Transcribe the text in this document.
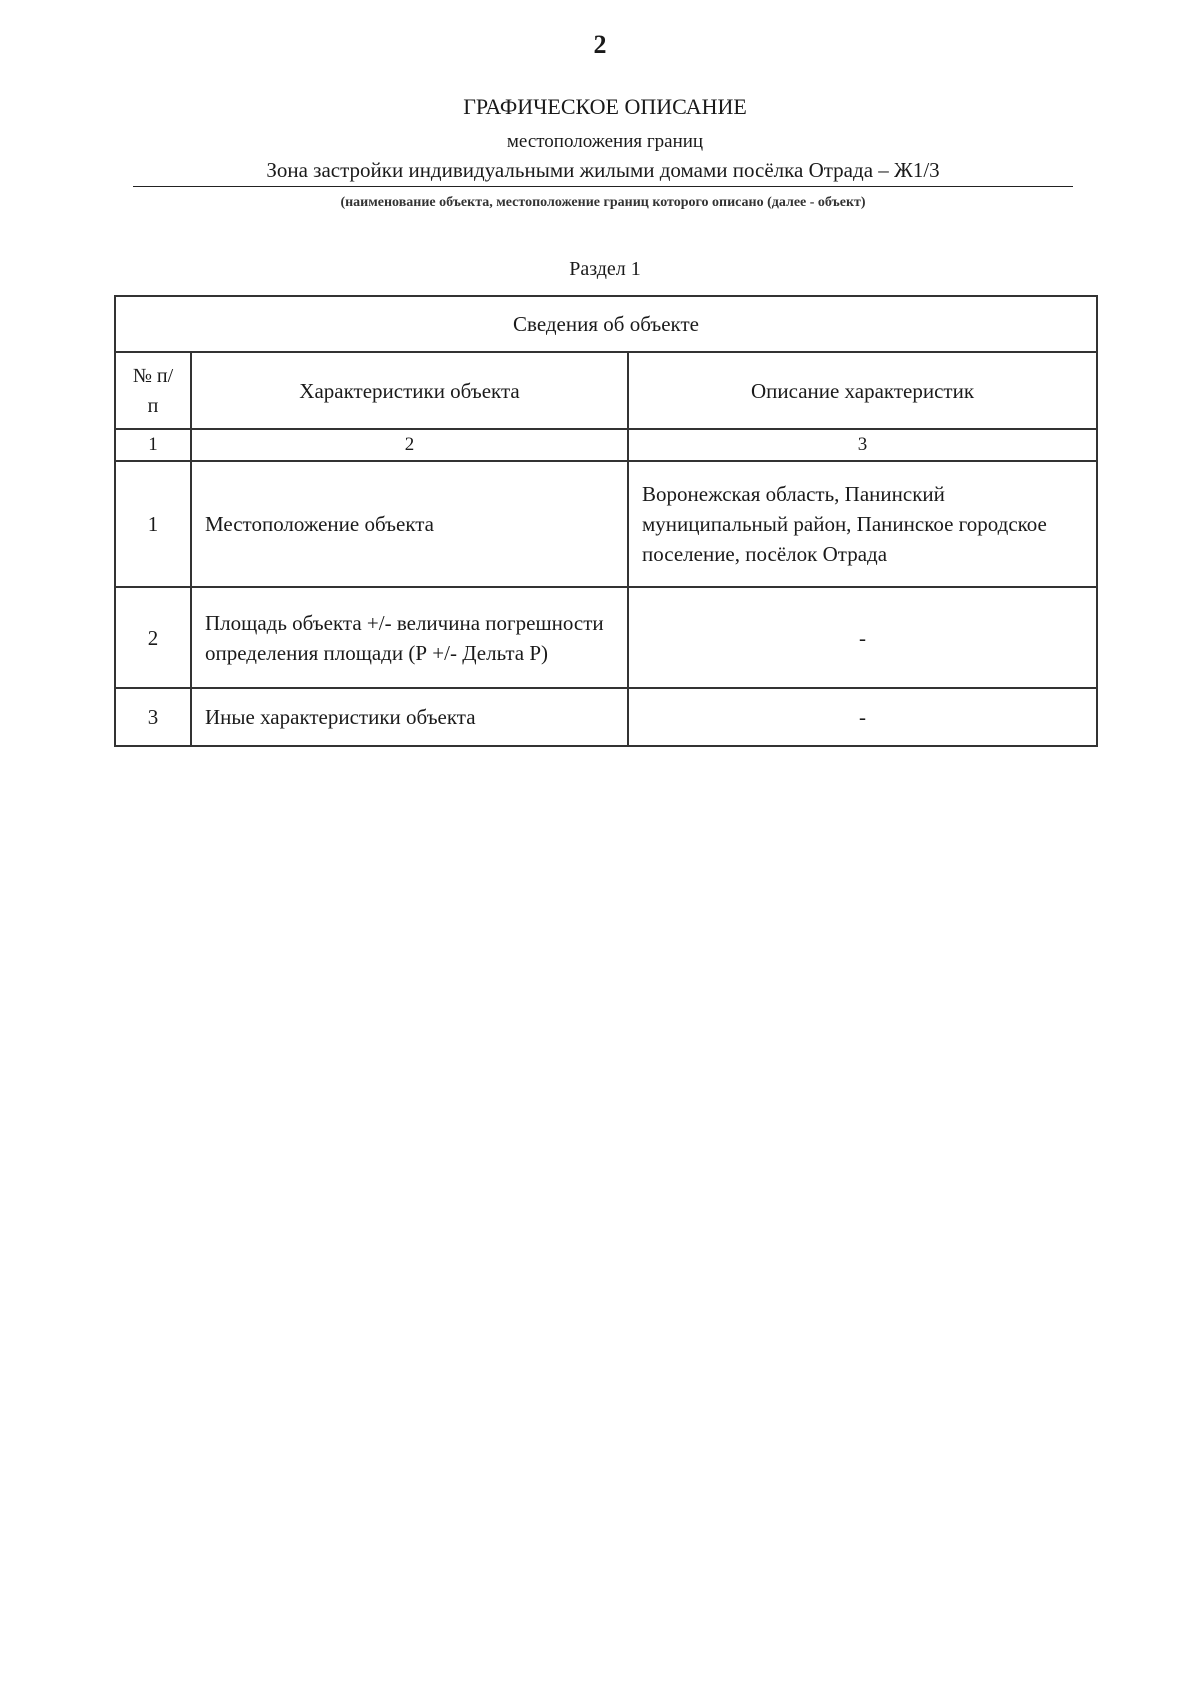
2
ГРАФИЧЕСКОЕ ОПИСАНИЕ
местоположения границ
Зона застройки индивидуальными жилыми домами посёлка Отрада – Ж1/3
(наименование объекта, местоположение границ которого описано (далее - объект)
Раздел 1
Сведения об объекте		
№ п/п	Характеристики объекта	Описание характеристик
1	2	3
1	Местоположение объекта	Воронежская область, Панинский муниципальный район, Панинское городское поселение, посёлок Отрада
2	Площадь объекта +/- величина погрешности определения площади (Р +/- Дельта Р)	-
3	Иные характеристики объекта	-
